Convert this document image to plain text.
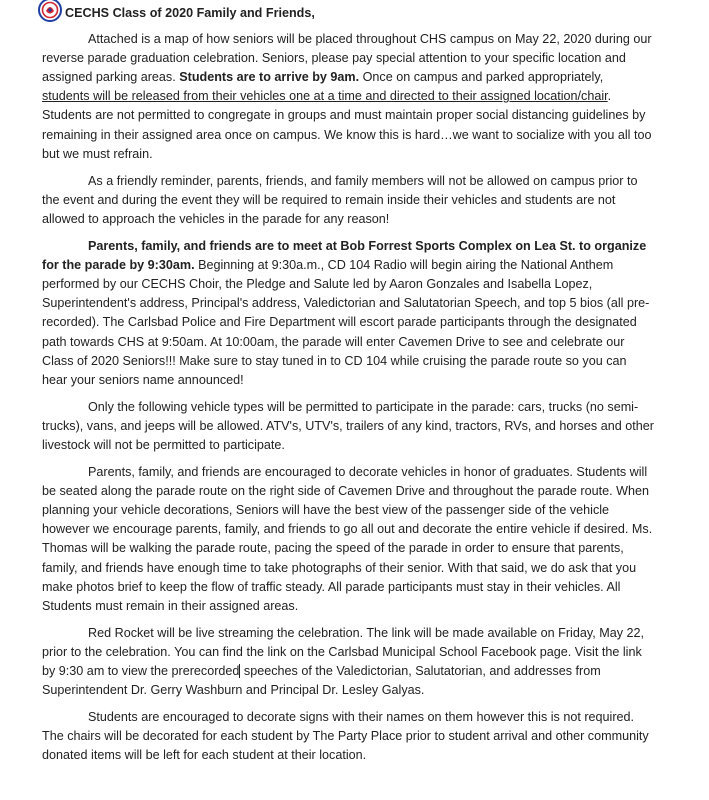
CECHS Class of 2020 Family and Friends,

Attached is a map of how seniors will be placed throughout CHS campus on May 22, 2020 during our reverse parade graduation celebration. Seniors, please pay special attention to your specific location and assigned parking areas. Students are to arrive by 9am. Once on campus and parked appropriately, students will be released from their vehicles one at a time and directed to their assigned location/chair. Students are not permitted to congregate in groups and must maintain proper social distancing guidelines by remaining in their assigned area once on campus. We know this is hard…we want to socialize with you all too but we must refrain.

As a friendly reminder, parents, friends, and family members will not be allowed on campus prior to the event and during the event they will be required to remain inside their vehicles and students are not allowed to approach the vehicles in the parade for any reason!

Parents, family, and friends are to meet at Bob Forrest Sports Complex on Lea St. to organize for the parade by 9:30am. Beginning at 9:30a.m., CD 104 Radio will begin airing the National Anthem performed by our CECHS Choir, the Pledge and Salute led by Aaron Gonzales and Isabella Lopez, Superintendent's address, Principal's address, Valedictorian and Salutatorian Speech, and top 5 bios (all pre-recorded). The Carlsbad Police and Fire Department will escort parade participants through the designated path towards CHS at 9:50am. At 10:00am, the parade will enter Cavemen Drive to see and celebrate our Class of 2020 Seniors!!! Make sure to stay tuned in to CD 104 while cruising the parade route so you can hear your seniors name announced!

Only the following vehicle types will be permitted to participate in the parade: cars, trucks (no semi-trucks), vans, and jeeps will be allowed. ATV's, UTV's, trailers of any kind, tractors, RVs, and horses and other livestock will not be permitted to participate.

Parents, family, and friends are encouraged to decorate vehicles in honor of graduates. Students will be seated along the parade route on the right side of Cavemen Drive and throughout the parade route. When planning your vehicle decorations, Seniors will have the best view of the passenger side of the vehicle however we encourage parents, family, and friends to go all out and decorate the entire vehicle if desired. Ms. Thomas will be walking the parade route, pacing the speed of the parade in order to ensure that parents, family, and friends have enough time to take photographs of their senior. With that said, we do ask that you make photos brief to keep the flow of traffic steady. All parade participants must stay in their vehicles. All Students must remain in their assigned areas.

Red Rocket will be live streaming the celebration. The link will be made available on Friday, May 22, prior to the celebration. You can find the link on the Carlsbad Municipal School Facebook page. Visit the link by 9:30 am to view the prerecorded speeches of the Valedictorian, Salutatorian, and addresses from Superintendent Dr. Gerry Washburn and Principal Dr. Lesley Galyas.

Students are encouraged to decorate signs with their names on them however this is not required. The chairs will be decorated for each student by The Party Place prior to student arrival and other community donated items will be left for each student at their location.
